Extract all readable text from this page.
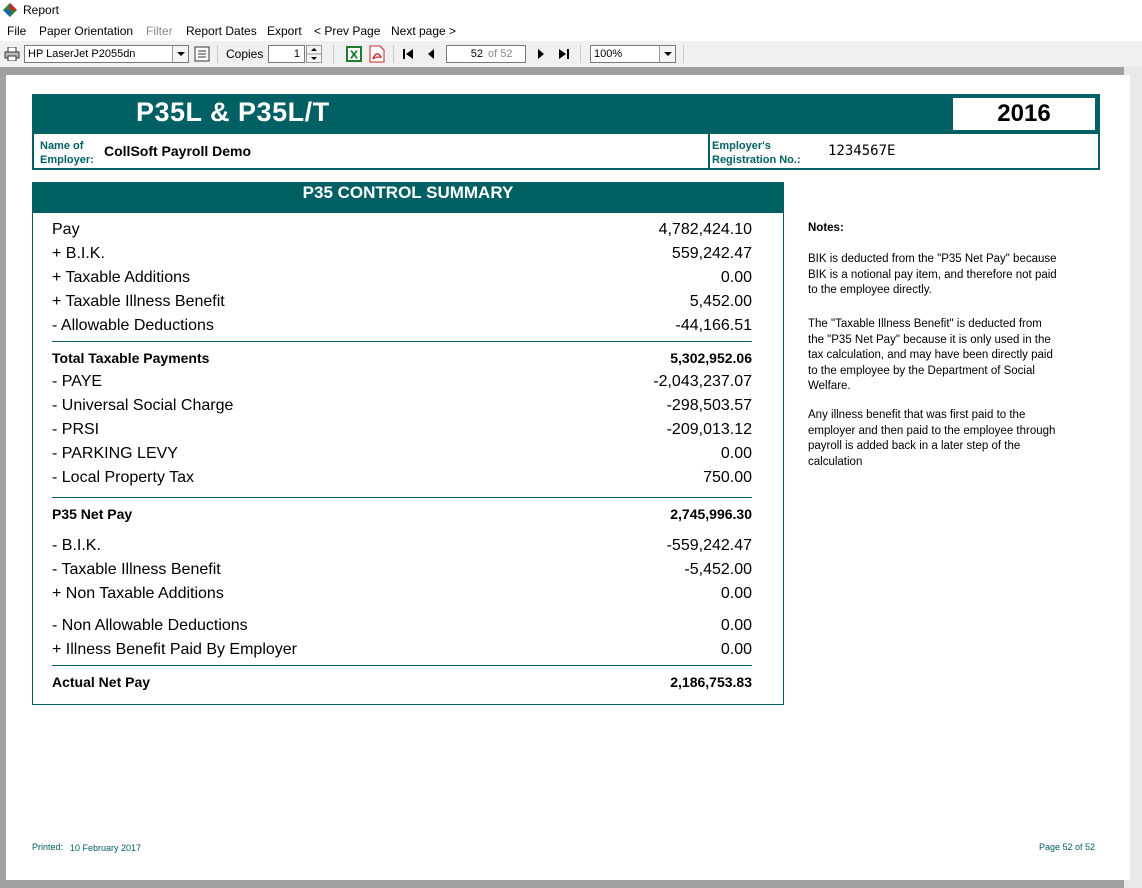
Report
File Paper Orientation Filter Report Dates Export < Prev Page Next page >
HP LaserJet P2055dn	Copies	1	X	52 of 52	100%
P35L & P35L/T	2016
Name of
Employer:
CollSoft Payroll Demo	Employer's
Registration No.:
1234567E
P35 CONTROL SUMMARY
Pay	4,782,424.10
+ B.I.K.	559,242.47
+ Taxable Additions	0.00
+ Taxable Illness Benefit	5,452.00
- Allowable Deductions	-44,166.51
Total Taxable Payments	5,302,952.06
- PAYE	-2,043,237.07
- Universal Social Charge	-298,503.57
- PRSI	-209,013.12
- PARKING LEVY	0.00
- Local Property Tax	750.00
P35 Net Pay	2,745,996.30
- B.I.K.	-559,242.47
- Taxable Illness Benefit	-5,452.00
+ Non Taxable Additions	0.00
- Non Allowable Deductions	0.00
+ Illness Benefit Paid By Employer	0.00
Actual Net Pay	2,186,753.83
Notes:
BIK is deducted from the "P35 Net Pay" because BIK is a notional pay item, and therefore not paid to the employee directly.
The "Taxable Illness Benefit" is deducted from the "P35 Net Pay" because it is only used in the tax calculation, and may have been directly paid to the employee by the Department of Social Welfare.
Any illness benefit that was first paid to the employer and then paid to the employee through payroll is added back in a later step of the calculation
Printed: 10 February 2017	Page 52 of 52
